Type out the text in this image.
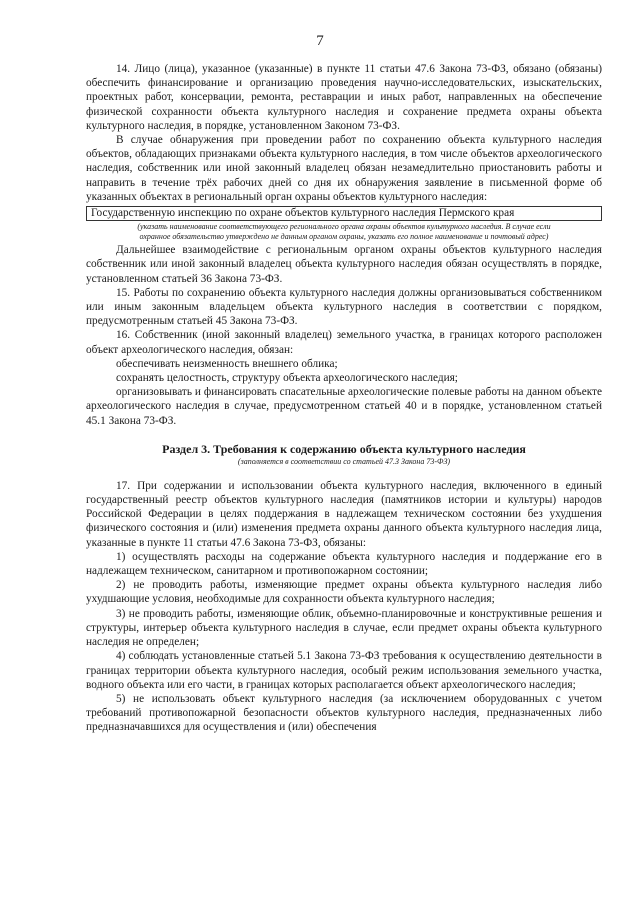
7

14. Лицо (лица), указанное (указанные) в пункте 11 статьи 47.6 Закона 73-ФЗ, обязано (обязаны) обеспечить финансирование и организацию проведения научно-исследовательских, изыскательских, проектных работ, консервации, ремонта, реставрации и иных работ, направленных на обеспечение физической сохранности объекта культурного наследия и сохранение предмета охраны объекта культурного наследия, в порядке, установленном Законом 73-ФЗ.

В случае обнаружения при проведении работ по сохранению объекта культурного наследия объектов, обладающих признаками объекта культурного наследия, в том числе объектов археологического наследия, собственник или иной законный владелец обязан незамедлительно приостановить работы и направить в течение трёх рабочих дней со дня их обнаружения заявление в письменной форме об указанных объектах в региональный орган охраны объектов культурного наследия:

Государственную инспекцию по охране объектов культурного наследия Пермского края
(указать наименование соответствующего регионального органа охраны объектов культурного наследия. В случае если охранное обязательство утверждено не данным органом охраны, указать его полное наименование и почтовый адрес)

Дальнейшее взаимодействие с региональным органом охраны объектов культурного наследия собственник или иной законный владелец объекта культурного наследия обязан осуществлять в порядке, установленном статьей 36 Закона 73-ФЗ.

15. Работы по сохранению объекта культурного наследия должны организовываться собственником или иным законным владельцем объекта культурного наследия в соответствии с порядком, предусмотренным статьей 45 Закона 73-ФЗ.

16. Собственник (иной законный владелец) земельного участка, в границах которого расположен объект археологического наследия, обязан:

обеспечивать неизменность внешнего облика;

сохранять целостность, структуру объекта археологического наследия;

организовывать и финансировать спасательные археологические полевые работы на данном объекте археологического наследия в случае, предусмотренном статьей 40 и в порядке, установленном статьей 45.1 Закона 73-ФЗ.

Раздел 3. Требования к содержанию объекта культурного наследия
(заполняется в соответствии со статьей 47.3 Закона 73-ФЗ)

17. При содержании и использовании объекта культурного наследия, включенного в единый государственный реестр объектов культурного наследия (памятников истории и культуры) народов Российской Федерации в целях поддержания в надлежащем техническом состоянии без ухудшения физического состояния и (или) изменения предмета охраны данного объекта культурного наследия лица, указанные в пункте 11 статьи 47.6 Закона 73-ФЗ, обязаны:

1) осуществлять расходы на содержание объекта культурного наследия и поддержание его в надлежащем техническом, санитарном и противопожарном состоянии;

2) не проводить работы, изменяющие предмет охраны объекта культурного наследия либо ухудшающие условия, необходимые для сохранности объекта культурного наследия;

3) не проводить работы, изменяющие облик, объемно-планировочные и конструктивные решения и структуры, интерьер объекта культурного наследия в случае, если предмет охраны объекта культурного наследия не определен;

4) соблюдать установленные статьей 5.1 Закона 73-ФЗ требования к осуществлению деятельности в границах территории объекта культурного наследия, особый режим использования земельного участка, водного объекта или его части, в границах которых располагается объект археологического наследия;

5) не использовать объект культурного наследия (за исключением оборудованных с учетом требований противопожарной безопасности объектов культурного наследия, предназначенных либо предназначавшихся для осуществления и (или) обеспечения
